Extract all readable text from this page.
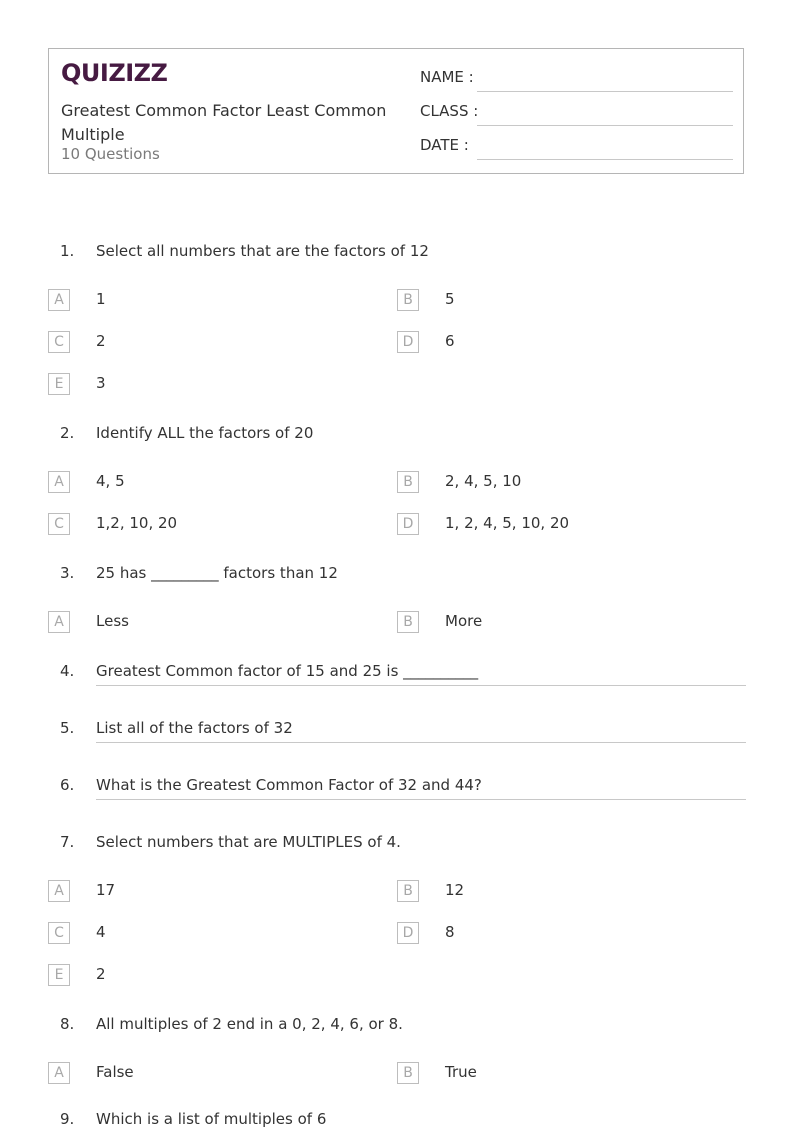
QUIZIZZ
Greatest Common Factor Least Common Multiple
10 Questions
NAME :
CLASS :
DATE :
1. Select all numbers that are the factors of 12
A	1	B	5
C	2	D	6
E	3
2. Identify ALL the factors of 20
A	4, 5	B	2, 4, 5, 10
C	1,2, 10, 20	D	1, 2, 4, 5, 10, 20
3. 25 has _________ factors than 12
A	Less	B	More
4. Greatest Common factor of 15 and 25 is __________
5. List all of the factors of 32
6. What is the Greatest Common Factor of 32 and 44?
7. Select numbers that are MULTIPLES of 4.
A	17	B	12
C	4	D	8
E	2
8. All multiples of 2 end in a 0, 2, 4, 6, or 8.
A	False	B	True
9. Which is a list of multiples of 6
